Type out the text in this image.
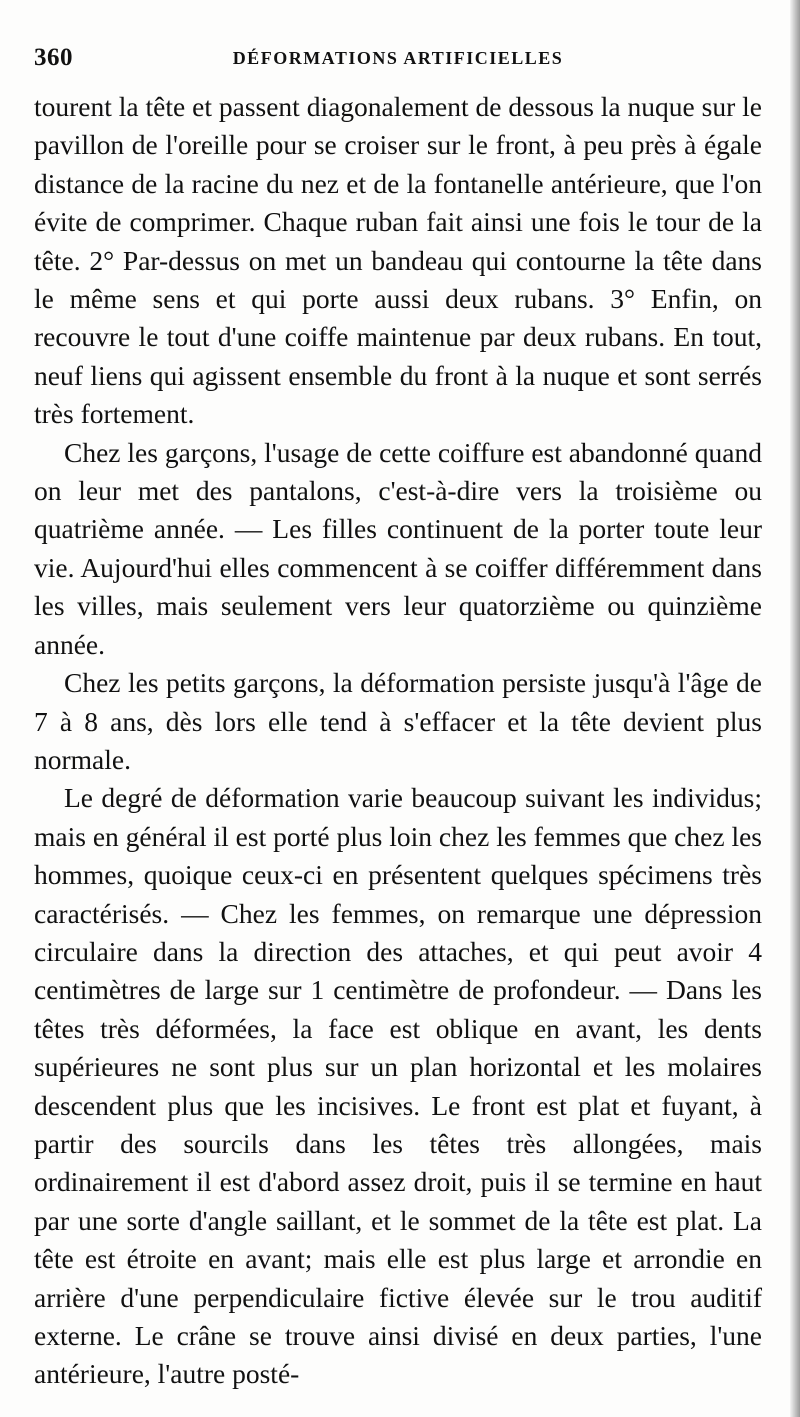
360	DÉFORMATIONS ARTIFICIELLES

tourent la tête et passent diagonalement de dessous la nuque sur le pavillon de l'oreille pour se croiser sur le front, à peu près à égale distance de la racine du nez et de la fontanelle antérieure, que l'on évite de comprimer. Chaque ruban fait ainsi une fois le tour de la tête. 2° Par-dessus on met un bandeau qui contourne la tête dans le même sens et qui porte aussi deux rubans. 3° Enfin, on recouvre le tout d'une coiffe maintenue par deux rubans. En tout, neuf liens qui agissent ensemble du front à la nuque et sont serrés très fortement.

Chez les garçons, l'usage de cette coiffure est abandonné quand on leur met des pantalons, c'est-à-dire vers la troisième ou quatrième année. — Les filles continuent de la porter toute leur vie. Aujourd'hui elles commencent à se coiffer différemment dans les villes, mais seulement vers leur quatorzième ou quinzième année.

Chez les petits garçons, la déformation persiste jusqu'à l'âge de 7 à 8 ans, dès lors elle tend à s'effacer et la tête devient plus normale.

Le degré de déformation varie beaucoup suivant les individus; mais en général il est porté plus loin chez les femmes que chez les hommes, quoique ceux-ci en présentent quelques spécimens très caractérisés. — Chez les femmes, on remarque une dépression circulaire dans la direction des attaches, et qui peut avoir 4 centimètres de large sur 1 centimètre de profondeur. — Dans les têtes très déformées, la face est oblique en avant, les dents supérieures ne sont plus sur un plan horizontal et les molaires descendent plus que les incisives. Le front est plat et fuyant, à partir des sourcils dans les têtes très allongées, mais ordinairement il est d'abord assez droit, puis il se termine en haut par une sorte d'angle saillant, et le sommet de la tête est plat. La tête est étroite en avant; mais elle est plus large et arrondie en arrière d'une perpendiculaire fictive élevée sur le trou auditif externe. Le crâne se trouve ainsi divisé en deux parties, l'une antérieure, l'autre posté-
